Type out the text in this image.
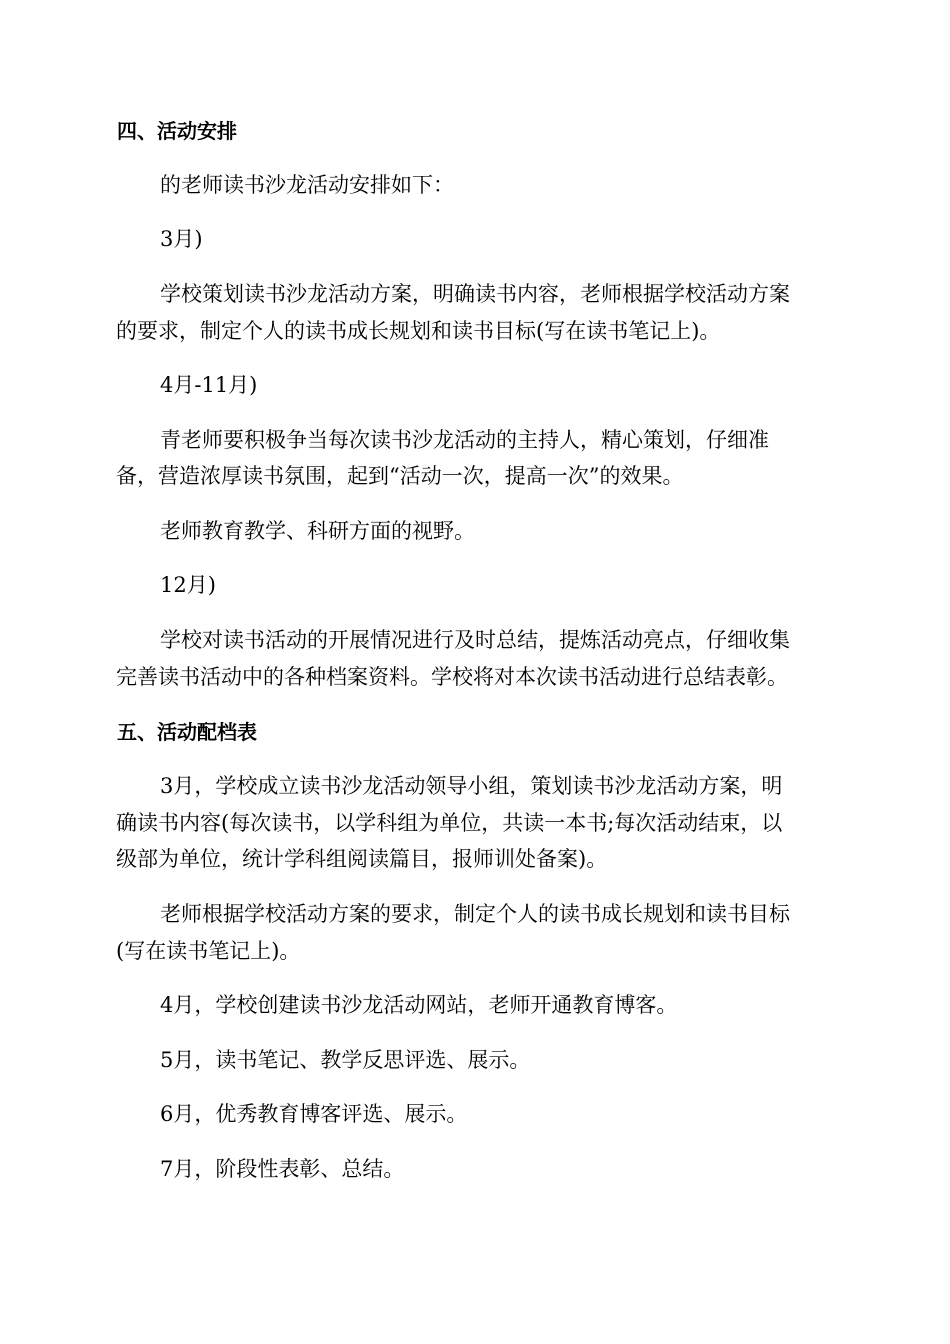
四、活动安排

的老师读书沙龙活动安排如下：

3月)

学校策划读书沙龙活动方案，明确读书内容，老师根据学校活动方案

的要求，制定个人的读书成长规划和读书目标(写在读书笔记上)。

4月-11月)

青老师要积极争当每次读书沙龙活动的主持人，精心策划，仔细准

备，营造浓厚读书氛围，起到“活动一次，提高一次”的效果。

老师教育教学、科研方面的视野。

12月)

学校对读书活动的开展情况进行及时总结，提炼活动亮点，仔细收集

完善读书活动中的各种档案资料。学校将对本次读书活动进行总结表彰。

五、活动配档表

3月，学校成立读书沙龙活动领导小组，策划读书沙龙活动方案，明

确读书内容(每次读书，以学科组为单位，共读一本书;每次活动结束，以

级部为单位，统计学科组阅读篇目，报师训处备案)。

老师根据学校活动方案的要求，制定个人的读书成长规划和读书目标

(写在读书笔记上)。

4月，学校创建读书沙龙活动网站，老师开通教育博客。

5月，读书笔记、教学反思评选、展示。

6月，优秀教育博客评选、展示。

7月，阶段性表彰、总结。
